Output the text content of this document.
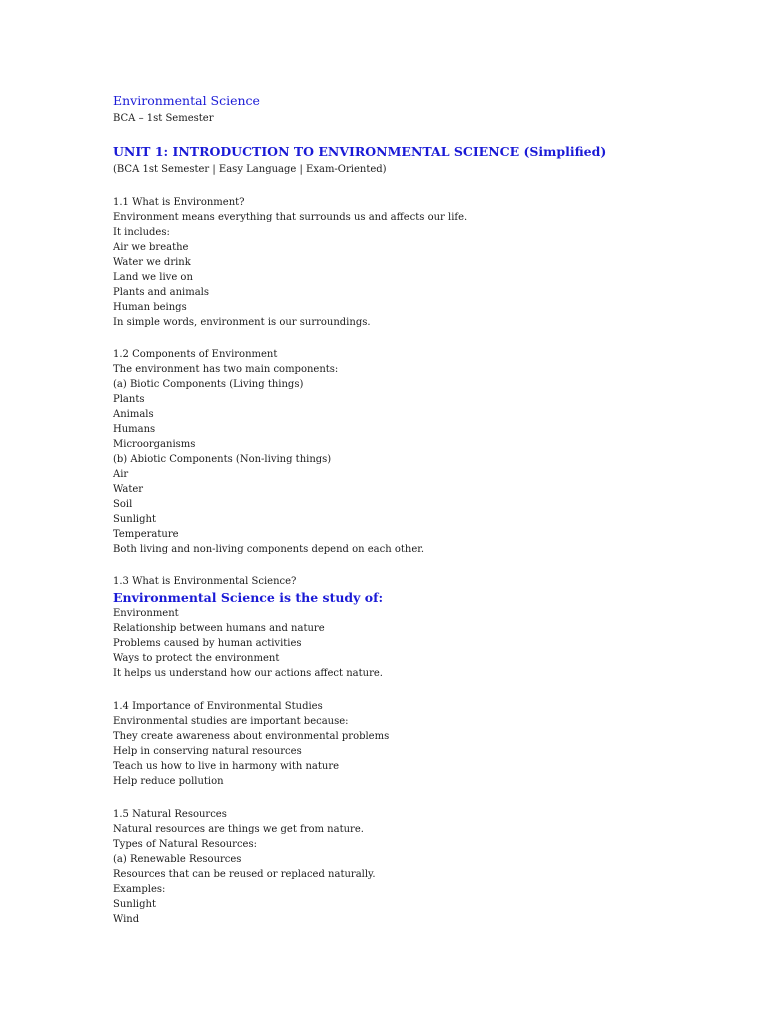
Environmental Science

BCA – 1st Semester

UNIT 1: INTRODUCTION TO ENVIRONMENTAL SCIENCE (Simplified)

(BCA 1st Semester | Easy Language | Exam-Oriented)

1.1 What is Environment?
Environment means everything that surrounds us and affects our life.
It includes:
Air we breathe
Water we drink
Land we live on
Plants and animals
Human beings
In simple words, environment is our surroundings.
1.2 Components of Environment
The environment has two main components:
(a) Biotic Components (Living things)
Plants
Animals
Humans
Microorganisms
(b) Abiotic Components (Non-living things)
Air
Water
Soil
Sunlight
Temperature
Both living and non-living components depend on each other.
1.3 What is Environmental Science?
Environmental Science is the study of:
Environment
Relationship between humans and nature
Problems caused by human activities
Ways to protect the environment
It helps us understand how our actions affect nature.
1.4 Importance of Environmental Studies
Environmental studies are important because:
They create awareness about environmental problems
Help in conserving natural resources
Teach us how to live in harmony with nature
Help reduce pollution
1.5 Natural Resources
Natural resources are things we get from nature.
Types of Natural Resources:
(a) Renewable Resources
Resources that can be reused or replaced naturally.
Examples:
Sunlight
Wind
